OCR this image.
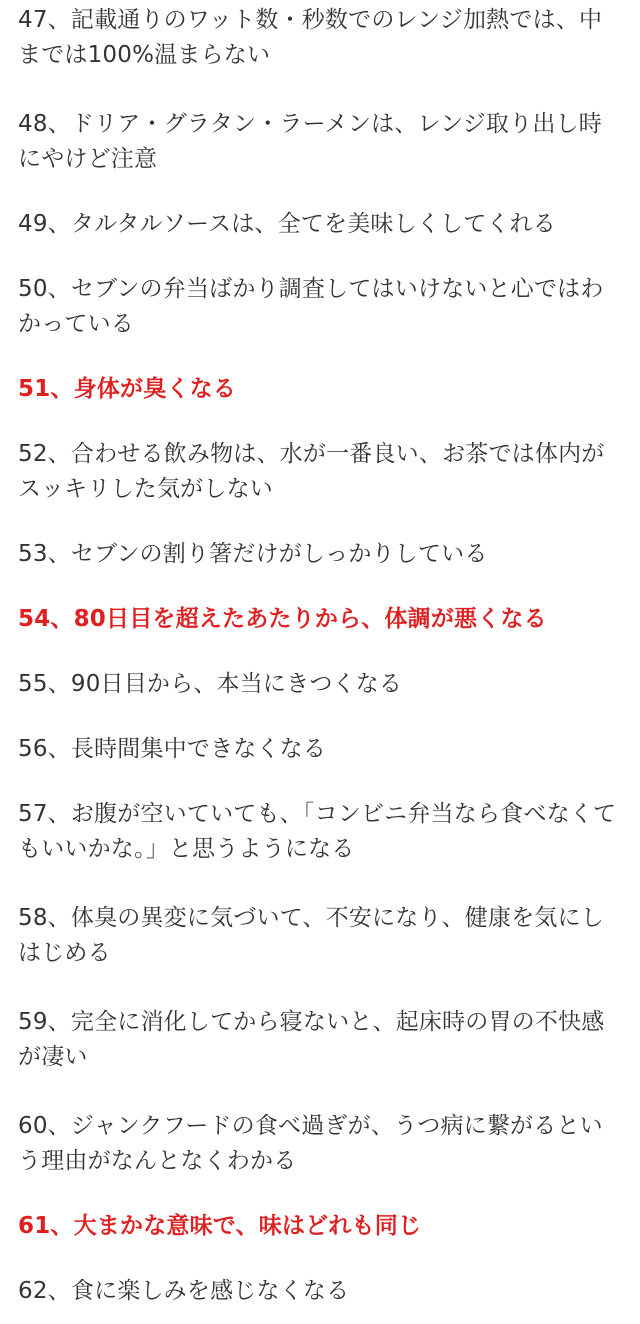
47、記載通りのワット数・秒数でのレンジ加熱では、中までは100%温まらない

48、ドリア・グラタン・ラーメンは、レンジ取り出し時にやけど注意

49、タルタルソースは、全てを美味しくしてくれる

50、セブンの弁当ばかり調査してはいけないと心ではわかっている

51、身体が臭くなる

52、合わせる飲み物は、水が一番良い、お茶では体内がスッキリした気がしない

53、セブンの割り箸だけがしっかりしている

54、80日目を超えたあたりから、体調が悪くなる

55、90日目から、本当にきつくなる

56、長時間集中できなくなる

57、お腹が空いていても、「コンビニ弁当なら食べなくてもいいかな。」と思うようになる

58、体臭の異変に気づいて、不安になり、健康を気にしはじめる

59、完全に消化してから寝ないと、起床時の胃の不快感が凄い

60、ジャンクフードの食べ過ぎが、うつ病に繋がるという理由がなんとなくわかる

61、大まかな意味で、味はどれも同じ

62、食に楽しみを感じなくなる
